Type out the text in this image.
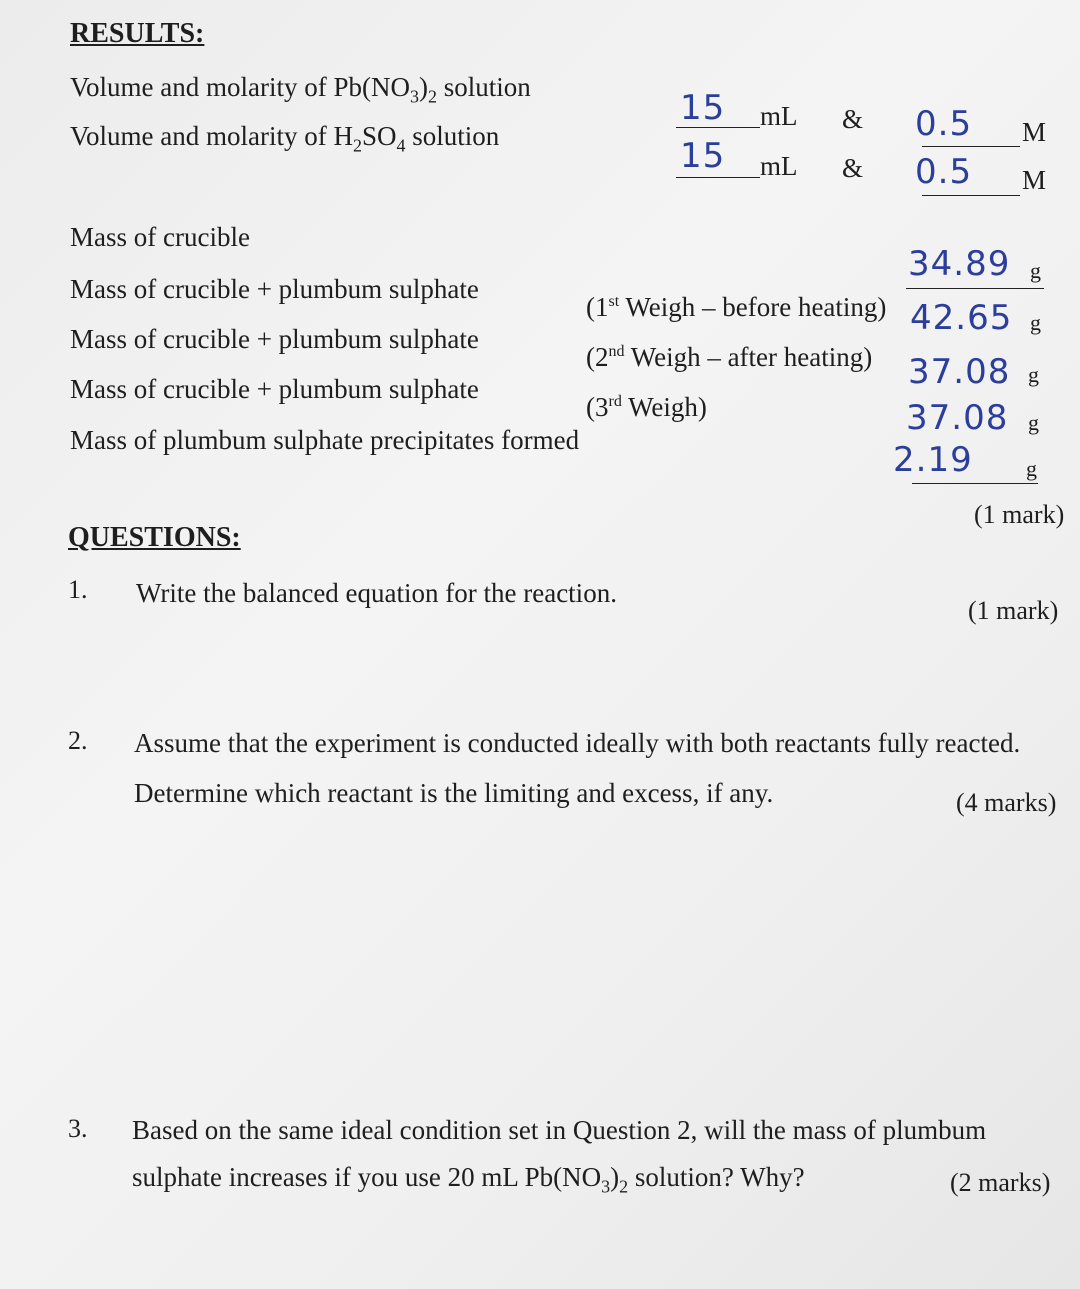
RESULTS:
Volume and molarity of $Pb(NO_3)_2$ solution
Volume and molarity of $H_2SO_4$ solution
15 mL & 0.5 M
15 mL & 0.5 M
Mass of crucible
Mass of crucible + plumbum sulphate
Mass of crucible + plumbum sulphate
Mass of crucible + plumbum sulphate
Mass of plumbum sulphate precipitates formed
(1st Weigh – before heating)
(2nd Weigh – after heating)
(3rd Weigh)
34.89 g
42.65 g
37.08 g
37.08 g
2.19 g
(1 mark)
QUESTIONS:
1. Write the balanced equation for the reaction.
(1 mark)
2. Assume that the experiment is conducted ideally with both reactants fully reacted.
Determine which reactant is the limiting and excess, if any.	(4 marks)
3. Based on the same ideal condition set in Question 2, will the mass of plumbum
sulphate increases if you use 20 mL $Pb(NO_3)_2$ solution? Why?	(2 marks)
